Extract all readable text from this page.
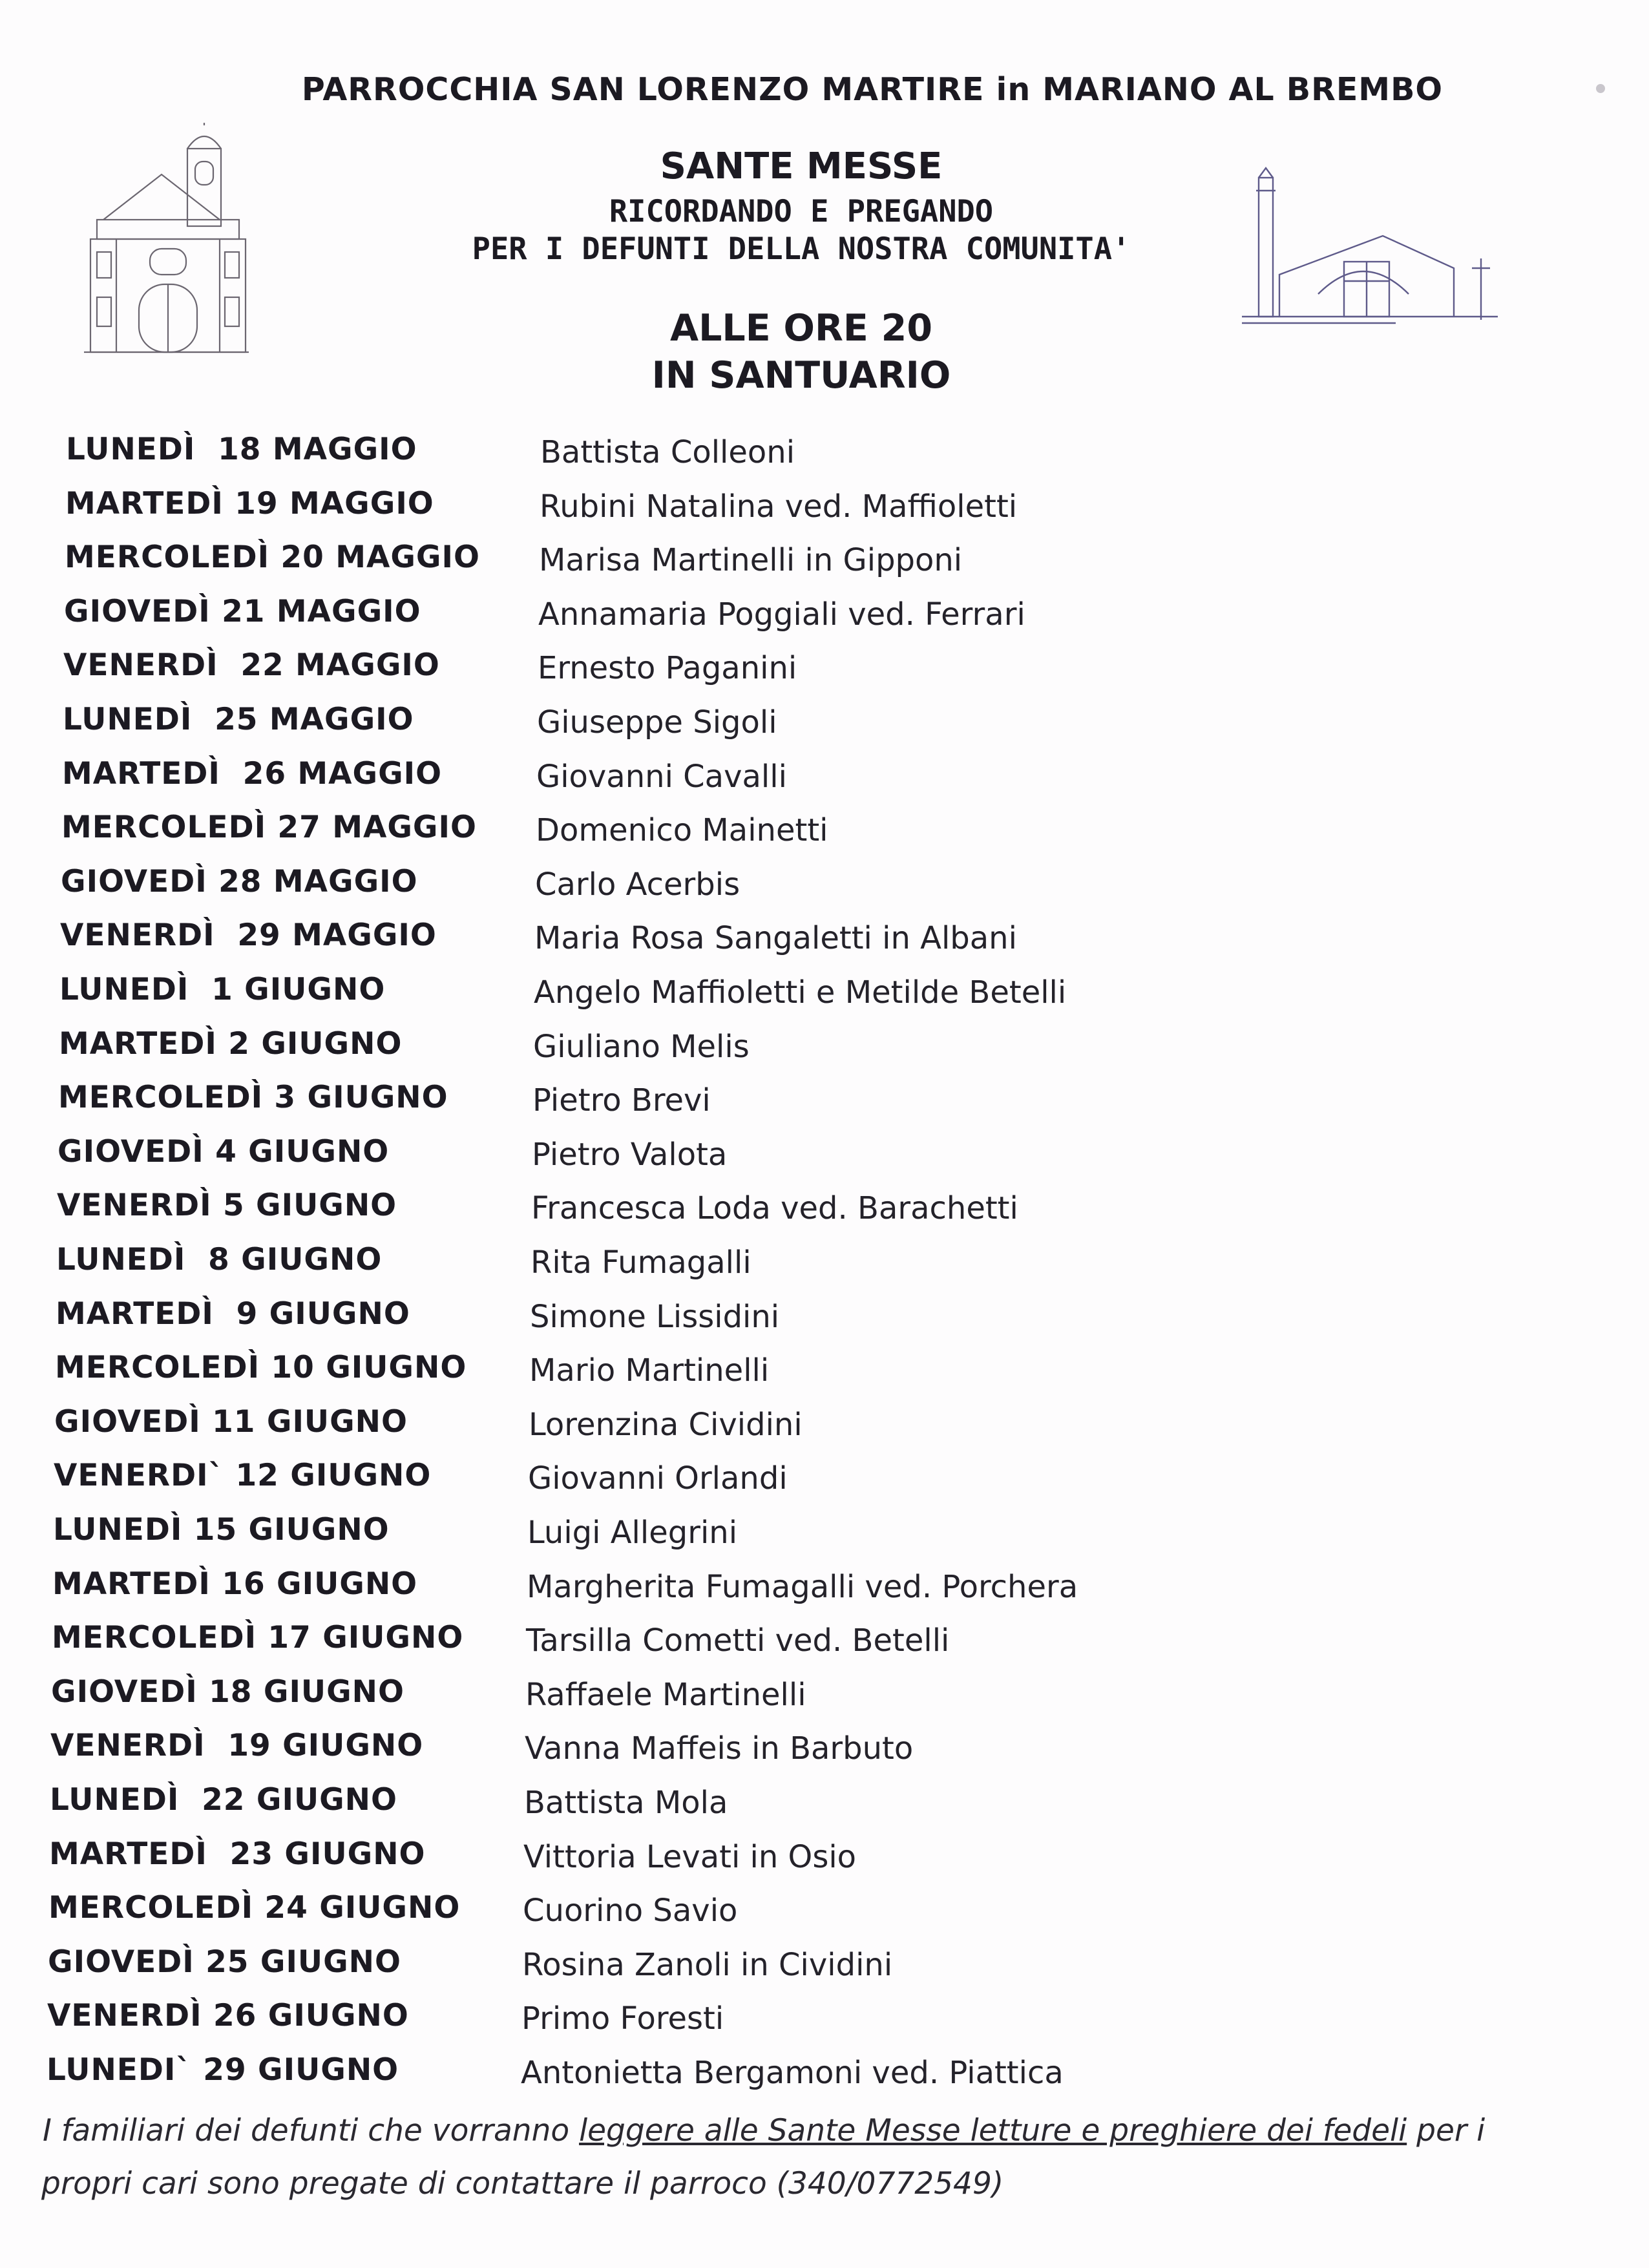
PARROCCHIA SAN LORENZO MARTIRE in MARIANO AL BREMBO
SANTE MESSE
RICORDANDO E PREGANDO
PER I DEFUNTI DELLA NOSTRA COMUNITA'
ALLE ORE 20
IN SANTUARIO
LUNEDÌ  18 MAGGIO	Battista Colleoni
MARTEDÌ 19 MAGGIO	Rubini Natalina ved. Maffioletti
MERCOLEDÌ 20 MAGGIO Marisa Martinelli in Gipponi
GIOVEDÌ 21 MAGGIO	Annamaria Poggiali ved. Ferrari
VENERDÌ  22 MAGGIO	Ernesto Paganini
LUNEDÌ  25 MAGGIO	Giuseppe Sigoli
MARTEDÌ  26 MAGGIO	Giovanni Cavalli
MERCOLEDÌ 27 MAGGIO Domenico Mainetti
GIOVEDÌ 28 MAGGIO	Carlo Acerbis
VENERDÌ  29 MAGGIO	Maria Rosa Sangaletti in Albani
LUNEDÌ  1 GIUGNO	Angelo Maffioletti e Metilde Betelli
MARTEDÌ 2 GIUGNO	Giuliano Melis
MERCOLEDÌ 3 GIUGNO	Pietro Brevi
GIOVEDÌ 4 GIUGNO	Pietro Valota
VENERDÌ 5 GIUGNO	Francesca Loda ved. Barachetti
LUNEDÌ  8 GIUGNO	Rita Fumagalli
MARTEDÌ  9 GIUGNO	Simone Lissidini
MERCOLEDÌ 10 GIUGNO Mario Martinelli
GIOVEDÌ 11 GIUGNO	Lorenzina Cividini
VENERDI` 12 GIUGNO	Giovanni Orlandi
LUNEDÌ 15 GIUGNO	Luigi Allegrini
MARTEDÌ 16 GIUGNO	Margherita Fumagalli ved. Porchera
MERCOLEDÌ 17 GIUGNO Tarsilla Cometti ved. Betelli
GIOVEDÌ 18 GIUGNO	Raffaele Martinelli
VENERDÌ  19 GIUGNO	Vanna Maffeis in Barbuto
LUNEDÌ  22 GIUGNO	Battista Mola
MARTEDÌ  23 GIUGNO	Vittoria Levati in Osio
MERCOLEDÌ 24 GIUGNO Cuorino Savio
GIOVEDÌ 25 GIUGNO	Rosina Zanoli in Cividini
VENERDÌ 26 GIUGNO	Primo Foresti
LUNEDI` 29 GIUGNO	Antonietta Bergamoni ved. Piattica
I familiari dei defunti che vorranno leggere alle Sante Messe letture e preghiere dei fedeli per i
propri cari sono pregate di contattare il parroco (340/0772549)
